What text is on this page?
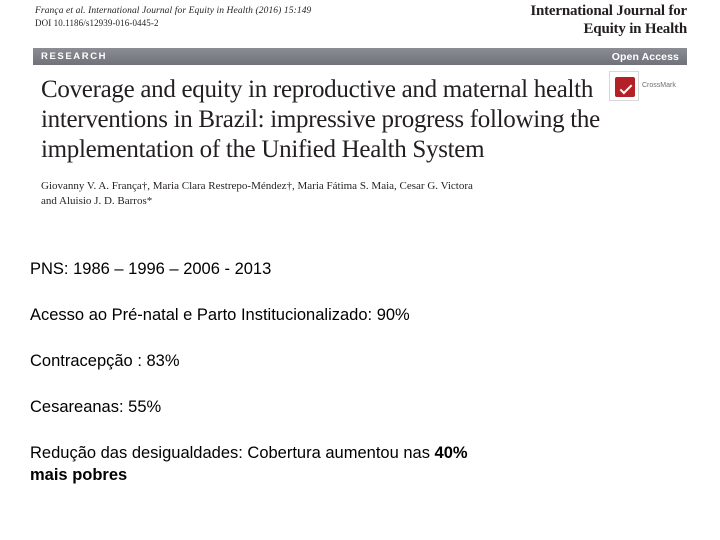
França et al. International Journal for Equity in Health (2016) 15:149
DOI 10.1186/s12939-016-0445-2
International Journal for
Equity in Health
RESEARCH	Open Access
Coverage and equity in reproductive and maternal health interventions in Brazil: impressive progress following the implementation of the Unified Health System
Giovanny V. A. França†, Maria Clara Restrepo-Méndez†, Maria Fátima S. Maia, Cesar G. Victora
and Aluisio J. D. Barros*
CrossMark
PNS: 1986 – 1996 – 2006 - 2013
Acesso ao Pré-natal e Parto Institucionalizado: 90%
Contracepção : 83%
Cesareanas: 55%
Redução das desigualdades: Cobertura aumentou nas 40%
mais pobres
